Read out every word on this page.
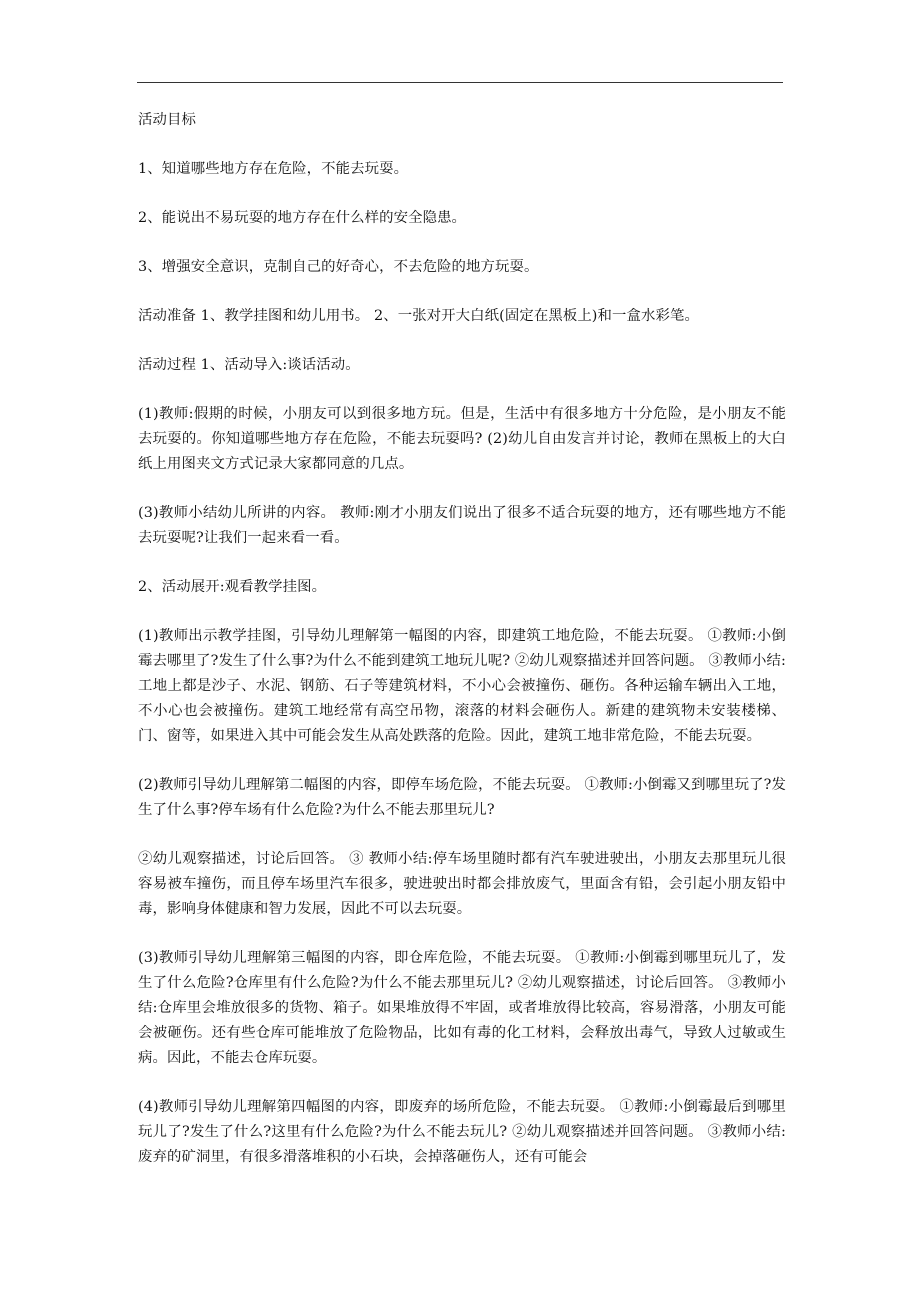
活动目标

1、知道哪些地方存在危险，不能去玩耍。

2、能说出不易玩耍的地方存在什么样的安全隐患。

3、增强安全意识，克制自己的好奇心，不去危险的地方玩耍。

活动准备 1、教学挂图和幼儿用书。 2、一张对开大白纸(固定在黑板上)和一盒水彩笔。

活动过程 1、活动导入:谈话活动。

(1)教师:假期的时候，小朋友可以到很多地方玩。但是，生活中有很多地方十分危险，是小朋友不能去玩耍的。你知道哪些地方存在危险，不能去玩耍吗? (2)幼儿自由发言并讨论，教师在黑板上的大白纸上用图夹文方式记录大家都同意的几点。

(3)教师小结幼儿所讲的内容。 教师:刚才小朋友们说出了很多不适合玩耍的地方，还有哪些地方不能去玩耍呢?让我们一起来看一看。

2、活动展开:观看教学挂图。

(1)教师出示教学挂图，引导幼儿理解第一幅图的内容，即建筑工地危险，不能去玩耍。 ①教师:小倒霉去哪里了?发生了什么事?为什么不能到建筑工地玩儿呢? ②幼儿观察描述并回答问题。 ③教师小结:工地上都是沙子、水泥、钢筋、石子等建筑材料，不小心会被撞伤、砸伤。各种运输车辆出入工地，不小心也会被撞伤。建筑工地经常有高空吊物，滚落的材料会砸伤人。新建的建筑物未安装楼梯、门、窗等，如果进入其中可能会发生从高处跌落的危险。因此，建筑工地非常危险，不能去玩耍。

(2)教师引导幼儿理解第二幅图的内容，即停车场危险，不能去玩耍。 ①教师:小倒霉又到哪里玩了?发生了什么事?停车场有什么危险?为什么不能去那里玩儿?

②幼儿观察描述，讨论后回答。 ③ 教师小结:停车场里随时都有汽车驶进驶出，小朋友去那里玩儿很容易被车撞伤，而且停车场里汽车很多，驶进驶出时都会排放废气，里面含有铅，会引起小朋友铅中毒，影响身体健康和智力发展，因此不可以去玩耍。

(3)教师引导幼儿理解第三幅图的内容，即仓库危险，不能去玩耍。 ①教师:小倒霉到哪里玩儿了，发生了什么危险?仓库里有什么危险?为什么不能去那里玩儿? ②幼儿观察描述，讨论后回答。 ③教师小结:仓库里会堆放很多的货物、箱子。如果堆放得不牢固，或者堆放得比较高，容易滑落，小朋友可能会被砸伤。还有些仓库可能堆放了危险物品，比如有毒的化工材料，会释放出毒气，导致人过敏或生病。因此，不能去仓库玩耍。

(4)教师引导幼儿理解第四幅图的内容，即废弃的场所危险，不能去玩耍。 ①教师:小倒霉最后到哪里玩儿了?发生了什么?这里有什么危险?为什么不能去玩儿? ②幼儿观察描述并回答问题。 ③教师小结:废弃的矿洞里，有很多滑落堆积的小石块，会掉落砸伤人，还有可能会
